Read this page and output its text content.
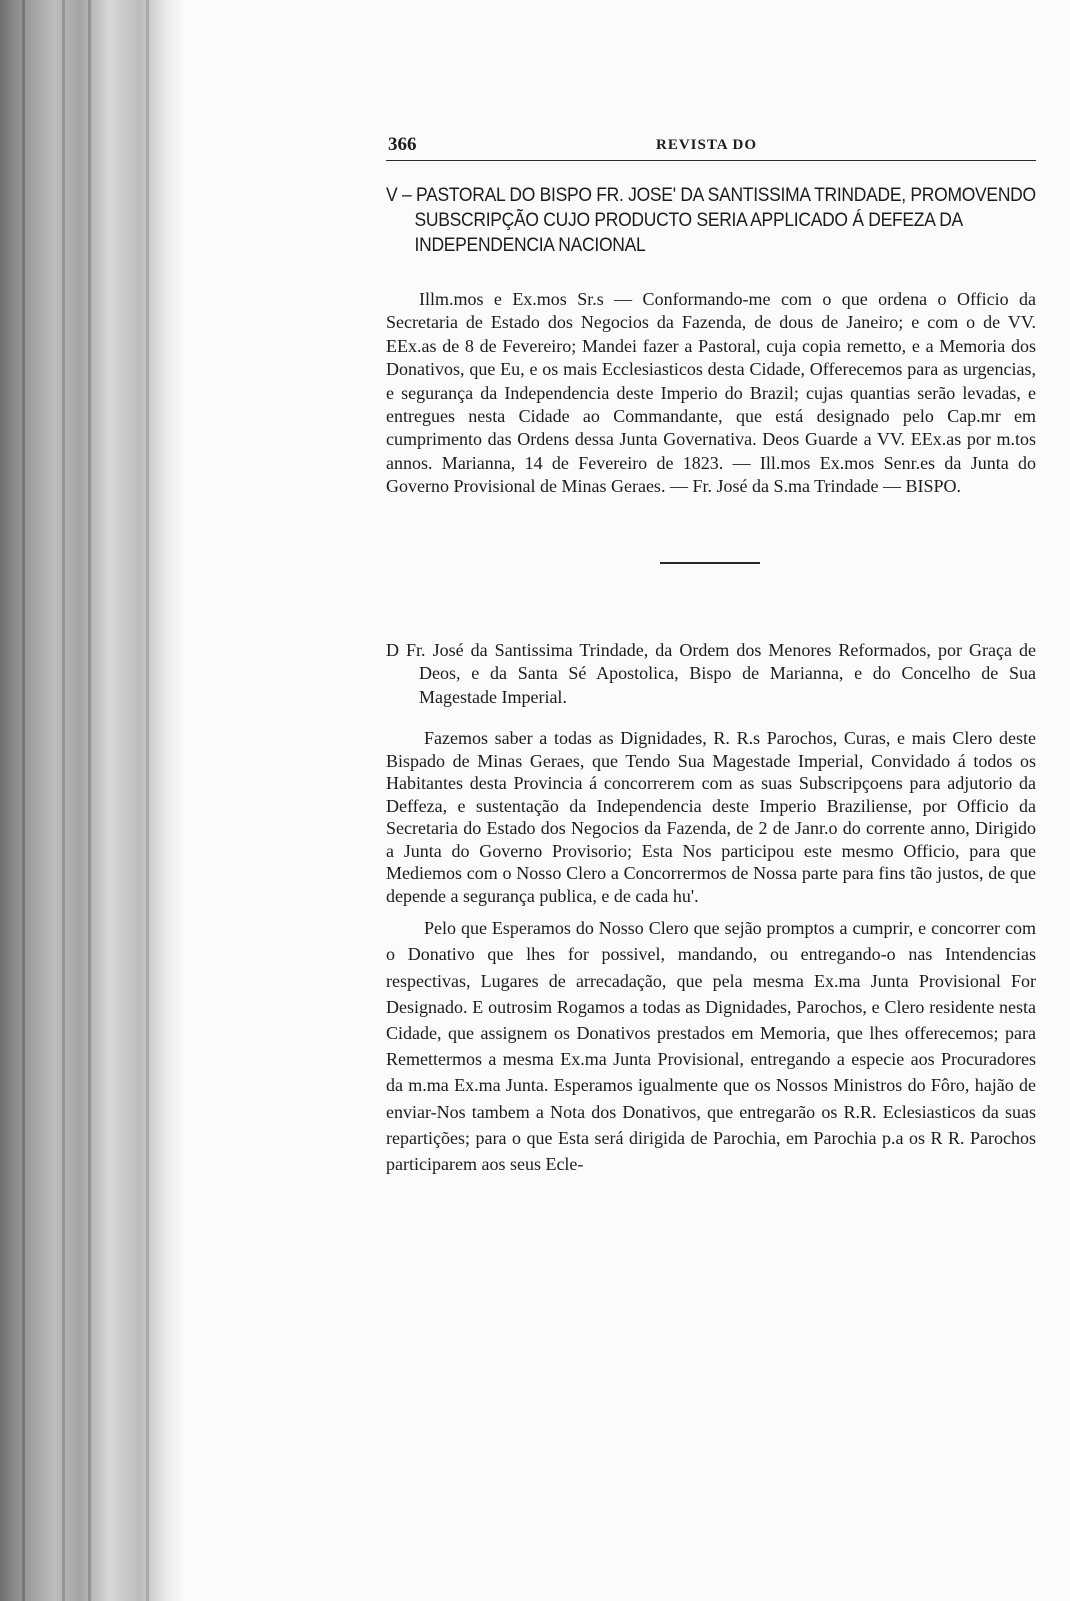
366	REVISTA DO
V – PASTORAL DO BISPO FR. JOSE' DA SANTISSIMA TRINDADE, PROMOVENDO SUBSCRIPÇÃO CUJO PRODUCTO SERIA APPLICADO Á DEFEZA DA INDEPENDENCIA NACIONAL

Illm.mos e Ex.mos Sr.s — Conformando-me com o que ordena o Officio da Secretaria de Estado dos Negocios da Fazenda, de dous de Janeiro; e com o de VV. EEx.as de 8 de Fevereiro; Mandei fazer a Pastoral, cuja copia remetto, e a Memoria dos Donativos, que Eu, e os mais Ecclesiasticos desta Cidade, Offerecemos para as urgencias, e segurança da Independencia deste Imperio do Brazil; cujas quantias serão levadas, e entregues nesta Cidade ao Commandante, que está designado pelo Cap.mr em cumprimento das Ordens dessa Junta Governativa. Deos Guarde a VV. EEx.as por m.tos annos. Marianna, 14 de Fevereiro de 1823. — Ill.mos Ex.mos Senr.es da Junta do Governo Provisional de Minas Geraes. — Fr. José da S.ma Trindade — BISPO.

D Fr. José da Santissima Trindade, da Ordem dos Menores Reformados, por Graça de Deos, e da Santa Sé Apostolica, Bispo de Marianna, e do Concelho de Sua Magestade Imperial.

Fazemos saber a todas as Dignidades, R. R.s Parochos, Curas, e mais Clero deste Bispado de Minas Geraes, que Tendo Sua Magestade Imperial, Convidado á todos os Habitantes desta Provincia á concorrerem com as suas Subscripçoens para adjutorio da Deffeza, e sustentação da Independencia deste Imperio Braziliense, por Officio da Secretaria do Estado dos Negocios da Fazenda, de 2 de Janr.o do corrente anno, Dirigido a Junta do Governo Provisorio; Esta Nos participou este mesmo Officio, para que Mediemos com o Nosso Clero a Concorrermos de Nossa parte para fins tão justos, de que depende a segurança publica, e de cada hu'.

Pelo que Esperamos do Nosso Clero que sejão promptos a cumprir, e concorrer com o Donativo que lhes for possivel, mandando, ou entregando-o nas Intendencias respectivas, Lugares de arrecadação, que pela mesma Ex.ma Junta Provisional For Designado. E outrosim Rogamos a todas as Dignidades, Parochos, e Clero residente nesta Cidade, que assignem os Donativos prestados em Memoria, que lhes offerecemos; para Remettermos a mesma Ex.ma Junta Provisional, entregando a especie aos Procuradores da m.ma Ex.ma Junta. Esperamos igualmente que os Nossos Ministros do Fôro, hajão de enviar-Nos tambem a Nota dos Donativos, que entregarão os R.R. Eclesiasticos da suas repartições; para o que Esta será dirigida de Parochia, em Parochia p.a os R R. Parochos participarem aos seus Ecle-
